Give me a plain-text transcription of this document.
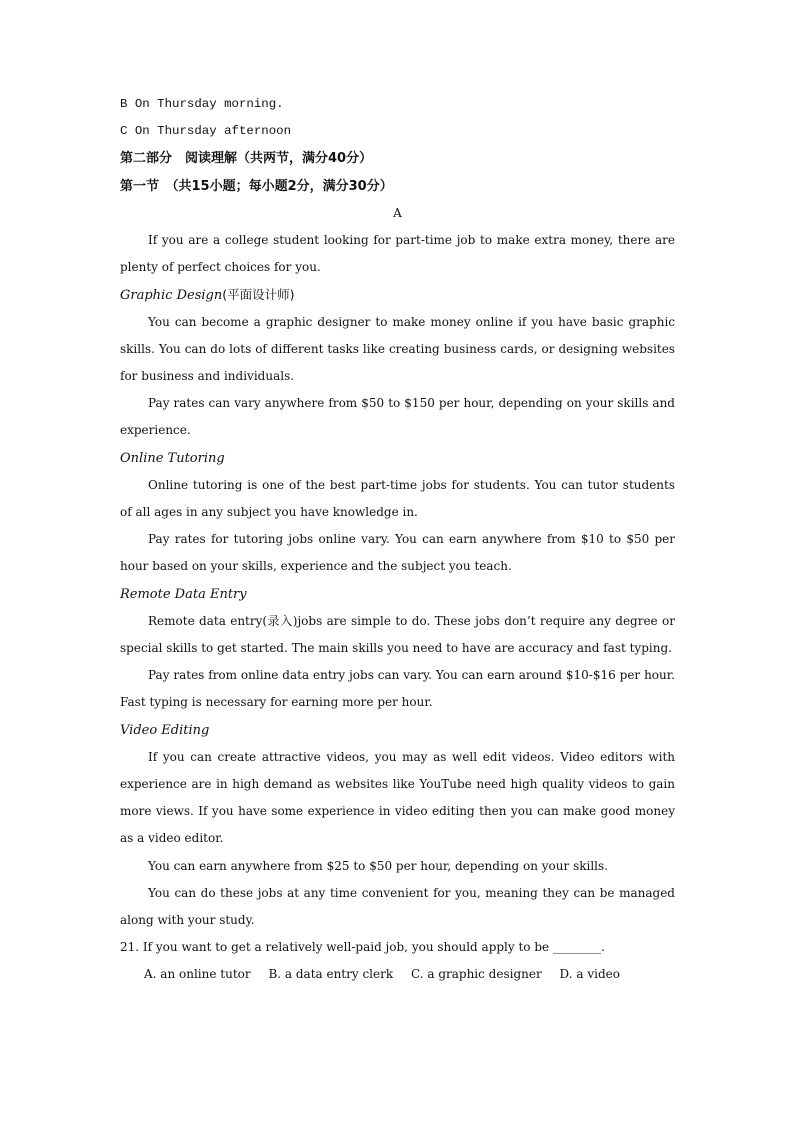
B On Thursday morning.
C On Thursday afternoon
第二部分　阅读理解（共两节，满分40分）
第一节　（共15小题；每小题2分，满分30分）
A

If you are a college student looking for part-time job to make extra money, there are plenty of perfect choices for you.

Graphic Design(平面设计师)

You can become a graphic designer to make money online if you have basic graphic skills. You can do lots of different tasks like creating business cards, or designing websites for business and individuals.

Pay rates can vary anywhere from $50 to $150 per hour, depending on your skills and experience.

Online Tutoring

Online tutoring is one of the best part-time jobs for students. You can tutor students of all ages in any subject you have knowledge in.

Pay rates for tutoring jobs online vary. You can earn anywhere from $10 to $50 per hour based on your skills, experience and the subject you teach.

Remote Data Entry

Remote data entry(录入)jobs are simple to do. These jobs don’t require any degree or special skills to get started. The main skills you need to have are accuracy and fast typing.

Pay rates from online data entry jobs can vary. You can earn around $10-$16 per hour. Fast typing is necessary for earning more per hour.

Video Editing

If you can create attractive videos, you may as well edit videos. Video editors with experience are in high demand as websites like YouTube need high quality videos to gain more views. If you have some experience in video editing then you can make good money as a video editor.

You can earn anywhere from $25 to $50 per hour, depending on your skills.

You can do these jobs at any time convenient for you, meaning they can be managed along with your study.

21. If you want to get a relatively well-paid job, you should apply to be ________.
A. an online tutor B. a data entry clerk C. a graphic designer D. a video
